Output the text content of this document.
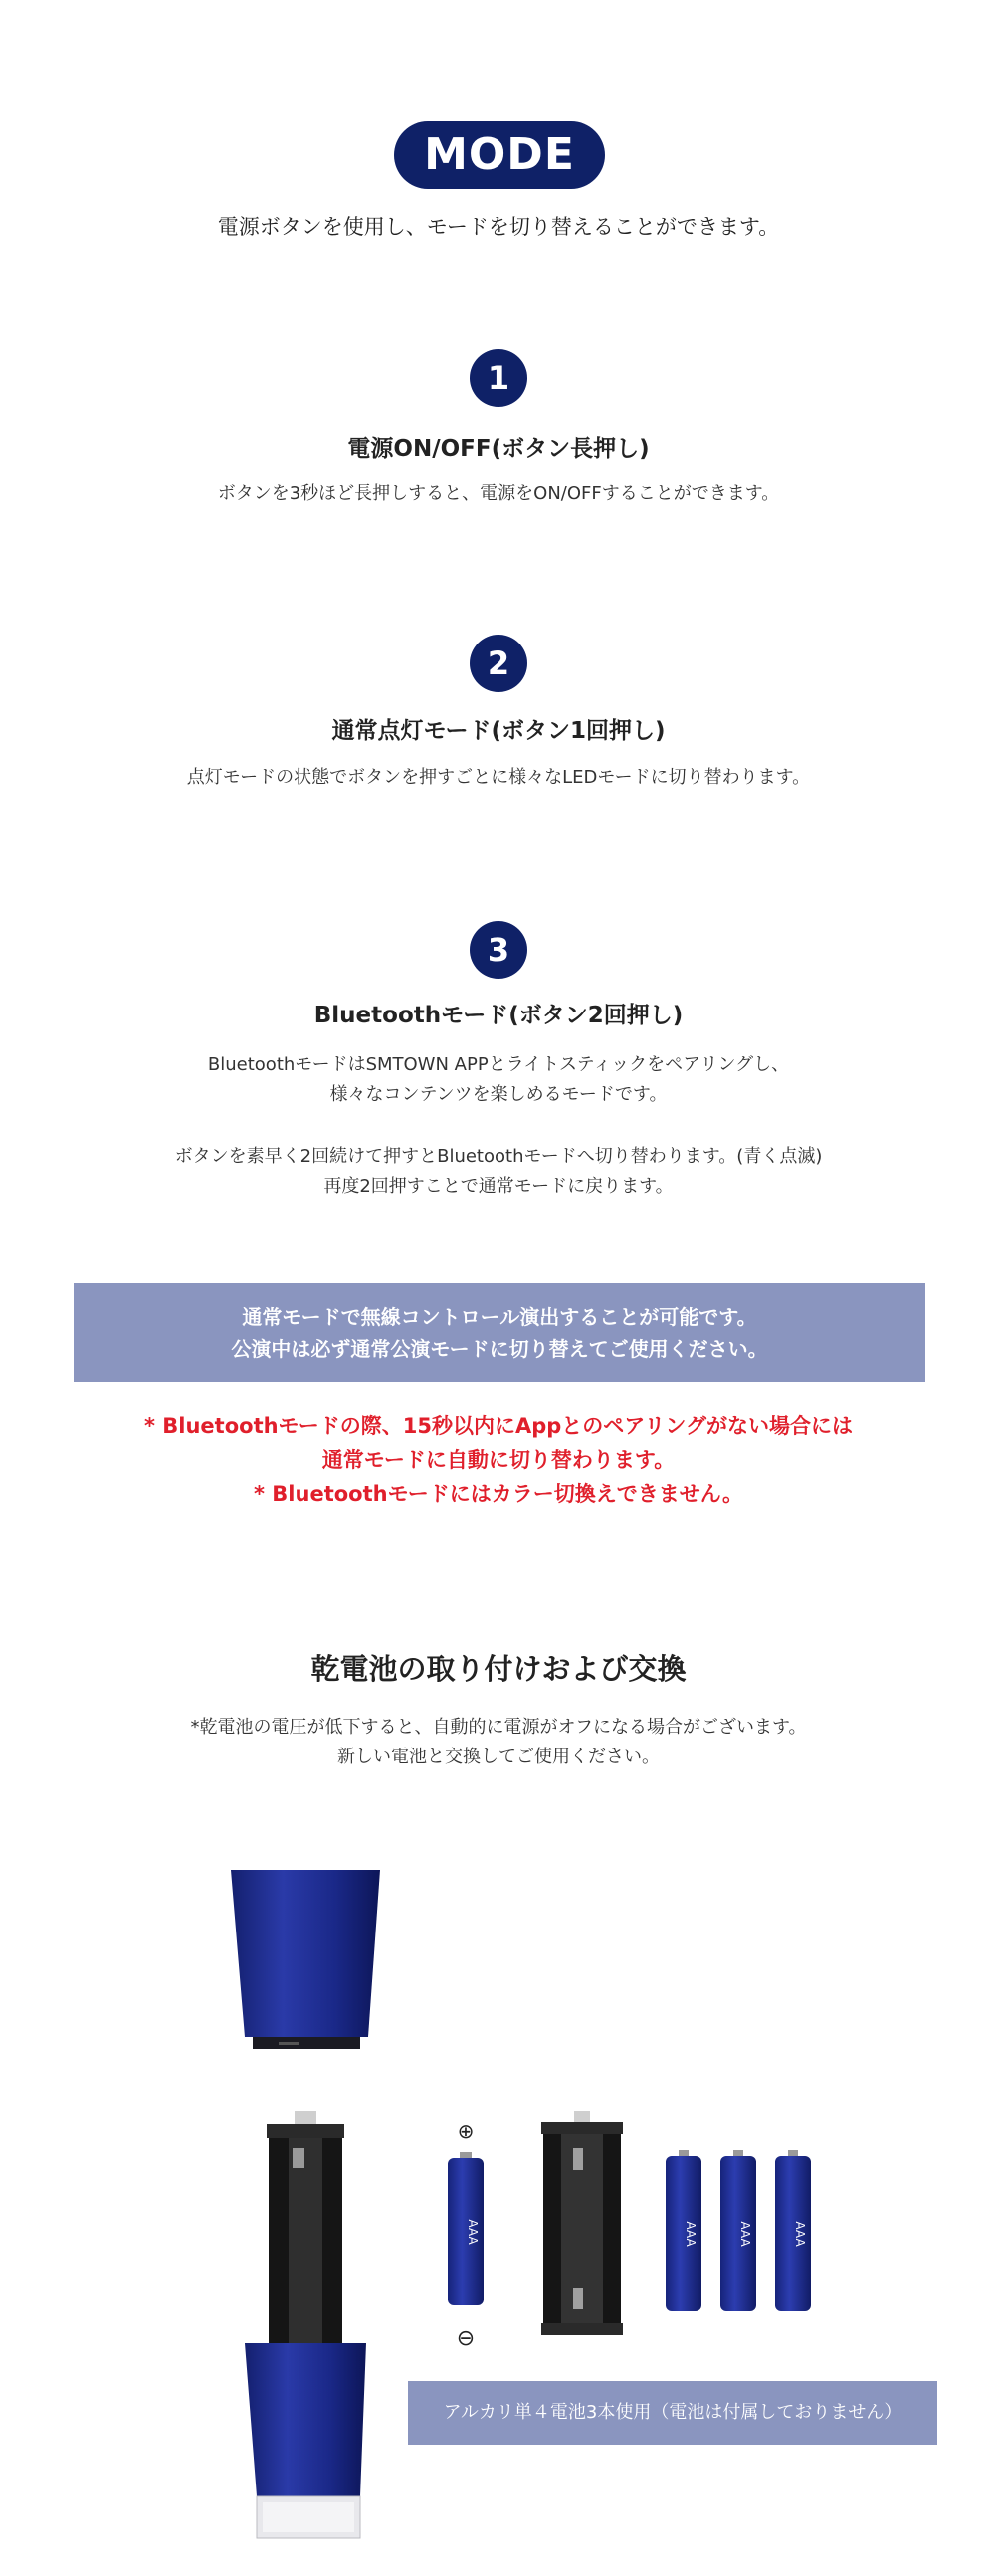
MODE
電源ボタンを使用し、モードを切り替えることができます。
1
電源ON/OFF(ボタン長押し)
ボタンを3秒ほど長押しすると、電源をON/OFFすることができます。
2
通常点灯モード(ボタン1回押し)
点灯モードの状態でボタンを押すごとに様々なLEDモードに切り替わります。
3
Bluetoothモード(ボタン2回押し)
BluetoothモードはSMTOWN APPとライトスティックをペアリングし、
様々なコンテンツを楽しめるモードです。
ボタンを素早く2回続けて押すとBluetoothモードへ切り替わります。(青く点滅)
再度2回押すことで通常モードに戻ります。
通常モードで無線コントロール演出することが可能です。
公演中は必ず通常公演モードに切り替えてご使用ください。
* Bluetoothモードの際、15秒以内にAppとのペアリングがない場合には
通常モードに自動に切り替わります。
* Bluetoothモードにはカラー切換えできません。
乾電池の取り付けおよび交換
*乾電池の電圧が低下すると、自動的に電源がオフになる場合がございます。
新しい電池と交換してご使用ください。
⊕
AAA
⊖
AAA	AAA	AAA
アルカリ単４電池3本使用（電池は付属しておりません）
